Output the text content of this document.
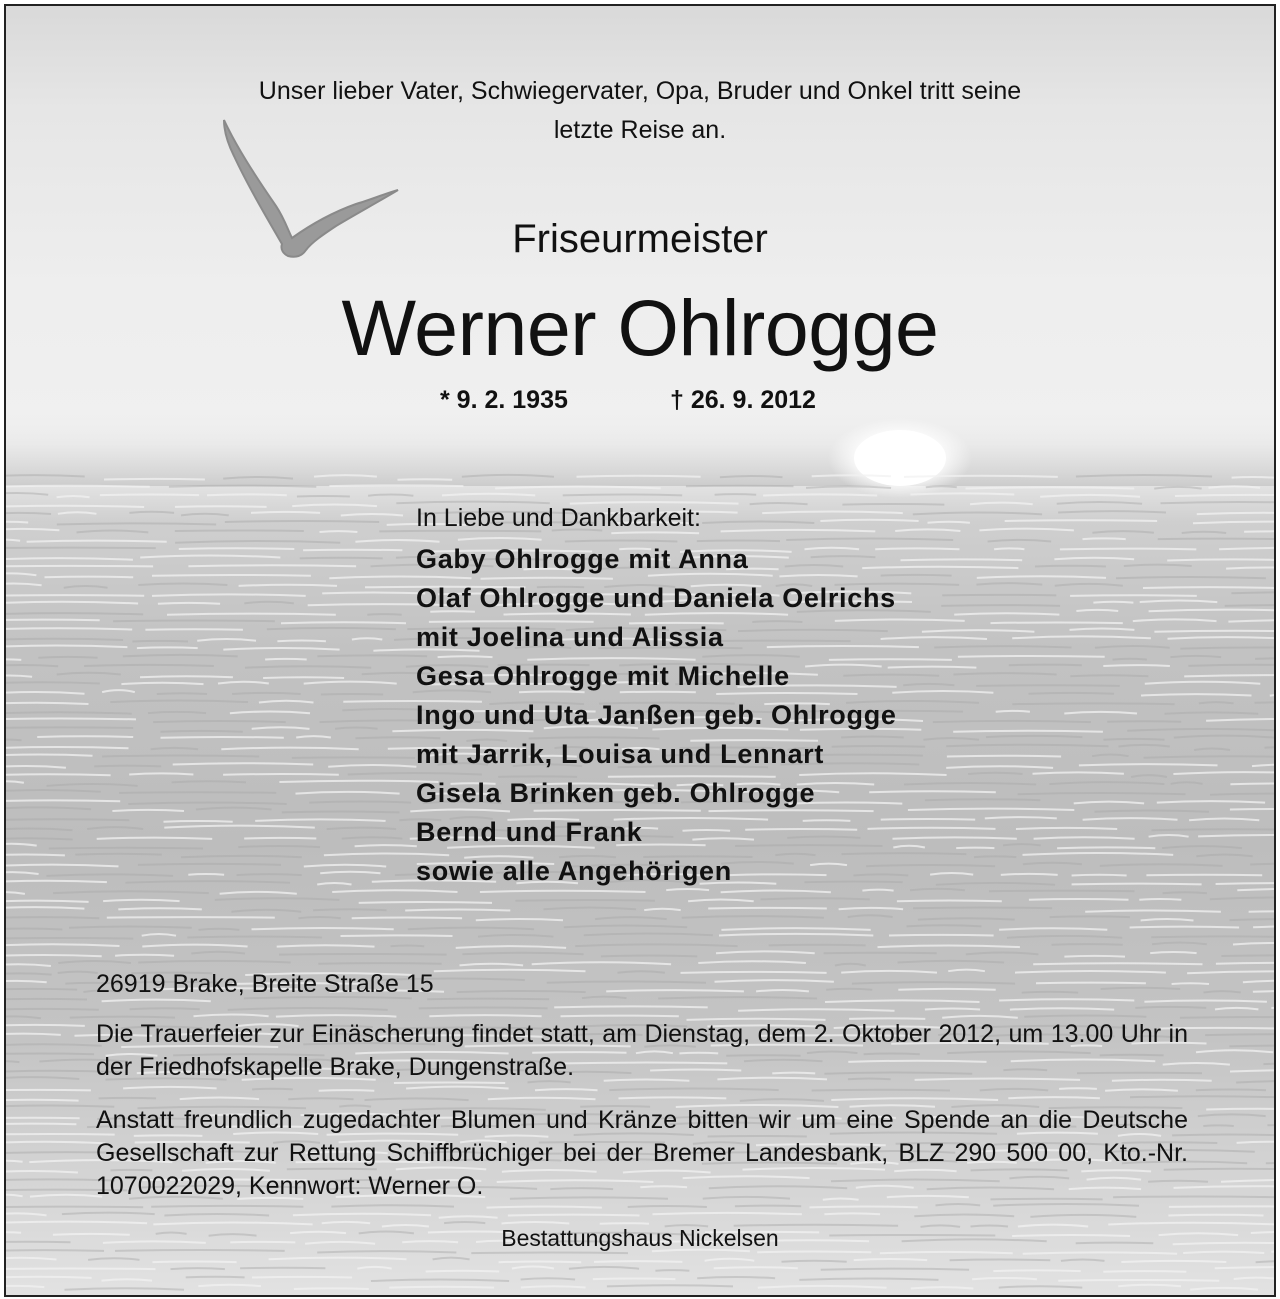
Unser lieber Vater, Schwiegervater, Opa, Bruder und Onkel tritt seine
letzte Reise an.
Friseurmeister
Werner Ohlrogge
* 9. 2. 1935	† 26. 9. 2012
In Liebe und Dankbarkeit:
Gaby Ohlrogge mit Anna
Olaf Ohlrogge und Daniela Oelrichs
mit Joelina und Alissia
Gesa Ohlrogge mit Michelle
Ingo und Uta Janßen geb. Ohlrogge
mit Jarrik, Louisa und Lennart
Gisela Brinken geb. Ohlrogge
Bernd und Frank
sowie alle Angehörigen
26919 Brake, Breite Straße 15
Die Trauerfeier zur Einäscherung findet statt, am Dienstag, dem 2. Oktober 2012, um 13.00 Uhr in der Friedhofskapelle Brake, Dungenstraße.
Anstatt freundlich zugedachter Blumen und Kränze bitten wir um eine Spende an die Deutsche Gesellschaft zur Rettung Schiffbrüchiger bei der Bremer Landesbank, BLZ 290 500 00, Kto.-Nr. 1070022029, Kennwort: Werner O.
Bestattungshaus Nickelsen
